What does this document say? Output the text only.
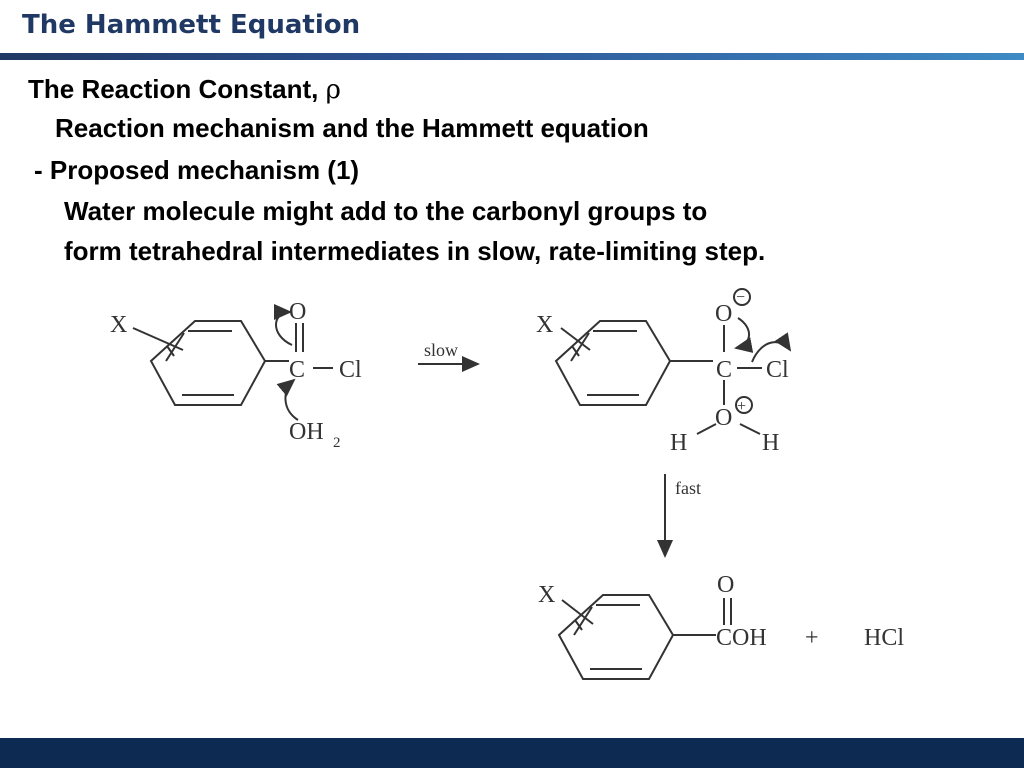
The Hammett Equation
The Reaction Constant, ρ
Reaction mechanism and the Hammett equation
- Proposed mechanism (1)
Water molecule might add to the carbonyl groups to
form tetrahedral intermediates in slow, rate-limiting step.
X	O
C Cl
OH 2
slow
X	O
−
C Cl
O +
H	H
fast
X	O
COH + HCl
